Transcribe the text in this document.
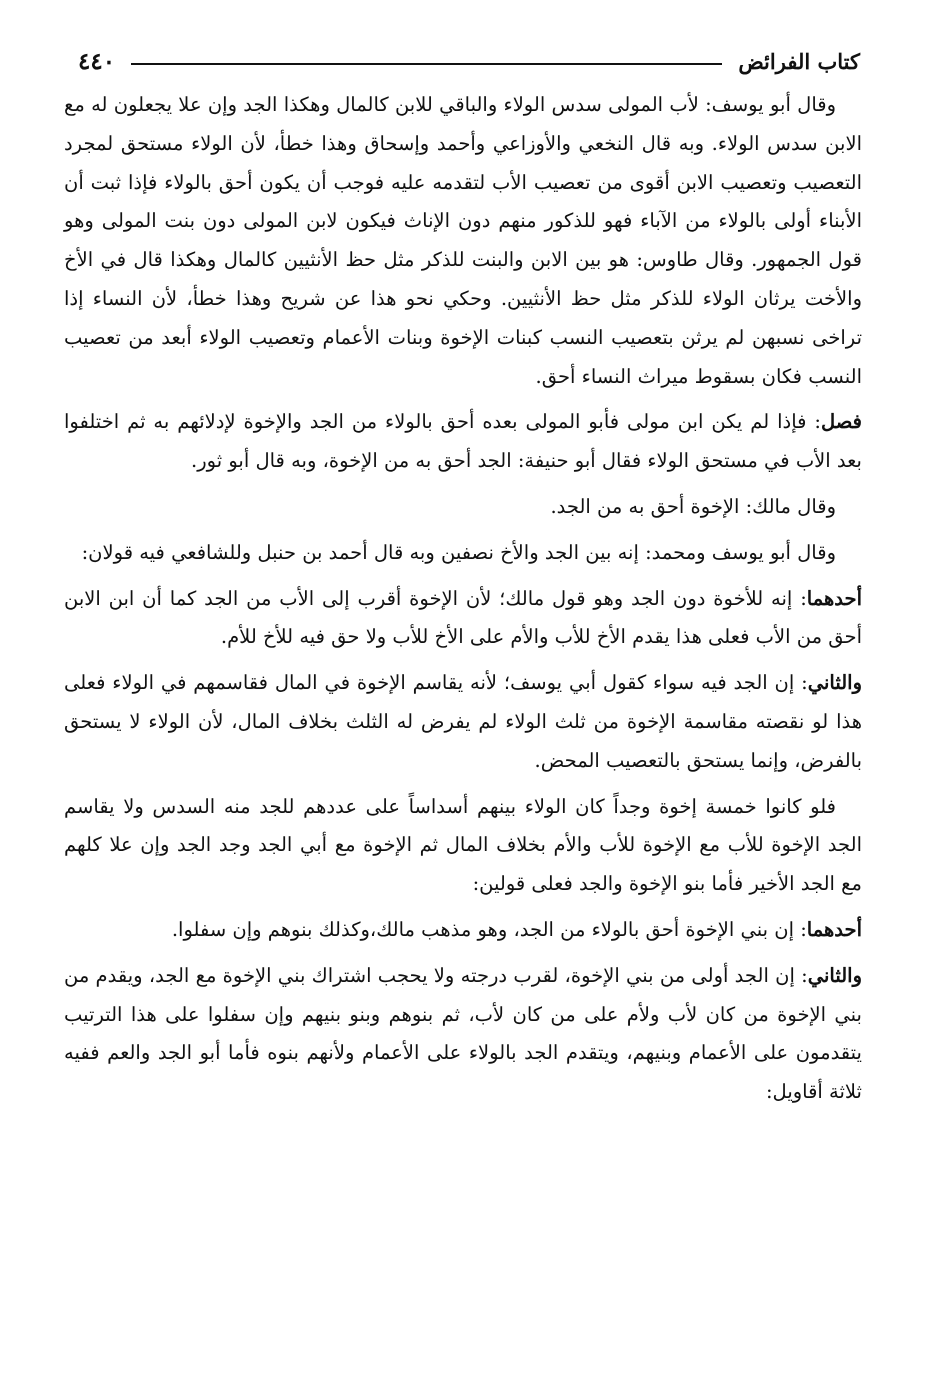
٤٤٠	كتاب الفرائض

وقال أبو يوسف: لأب المولى سدس الولاء والباقي للابن كالمال وهكذا الجد وإن علا يجعلون له مع الابن سدس الولاء. وبه قال النخعي والأوزاعي وأحمد وإسحاق وهذا خطأ، لأن الولاء مستحق لمجرد التعصيب وتعصيب الابن أقوى من تعصيب الأب لتقدمه عليه فوجب أن يكون أحق بالولاء فإذا ثبت أن الأبناء أولى بالولاء من الآباء فهو للذكور منهم دون الإناث فيكون لابن المولى دون بنت المولى وهو قول الجمهور. وقال طاوس: هو بين الابن والبنت للذكر مثل حظ الأنثيين كالمال وهكذا قال في الأخ والأخت يرثان الولاء للذكر مثل حظ الأنثيين. وحكي نحو هذا عن شريح وهذا خطأ، لأن النساء إذا تراخى نسبهن لم يرثن بتعصيب النسب كبنات الإخوة وبنات الأعمام وتعصيب الولاء أبعد من تعصيب النسب فكان بسقوط ميراث النساء أحق.

فصل: فإذا لم يكن ابن مولى فأبو المولى بعده أحق بالولاء من الجد والإخوة لإدلائهم به ثم اختلفوا بعد الأب في مستحق الولاء فقال أبو حنيفة: الجد أحق به من الإخوة، وبه قال أبو ثور.

وقال مالك: الإخوة أحق به من الجد.

وقال أبو يوسف ومحمد: إنه بين الجد والأخ نصفين وبه قال أحمد بن حنبل وللشافعي فيه قولان:

أحدهما: إنه للأخوة دون الجد وهو قول مالك؛ لأن الإخوة أقرب إلى الأب من الجد كما أن ابن الابن أحق من الأب فعلى هذا يقدم الأخ للأب والأم على الأخ للأب ولا حق فيه للأخ للأم.

والثاني: إن الجد فيه سواء كقول أبي يوسف؛ لأنه يقاسم الإخوة في المال فقاسمهم في الولاء فعلى هذا لو نقصته مقاسمة الإخوة من ثلث الولاء لم يفرض له الثلث بخلاف المال، لأن الولاء لا يستحق بالفرض، وإنما يستحق بالتعصيب المحض.

فلو كانوا خمسة إخوة وجداً كان الولاء بينهم أسداساً على عددهم للجد منه السدس ولا يقاسم الجد الإخوة للأب مع الإخوة للأب والأم بخلاف المال ثم الإخوة مع أبي الجد وجد الجد وإن علا كلهم مع الجد الأخير فأما بنو الإخوة والجد فعلى قولين:

أحدهما: إن بني الإخوة أحق بالولاء من الجد، وهو مذهب مالك،وكذلك بنوهم وإن سفلوا.

والثاني: إن الجد أولى من بني الإخوة، لقرب درجته ولا يحجب اشتراك بني الإخوة مع الجد، ويقدم من بني الإخوة من كان لأب ولأم على من كان لأب، ثم بنوهم وبنو بنيهم وإن سفلوا على هذا الترتيب يتقدمون على الأعمام وبنيهم، ويتقدم الجد بالولاء على الأعمام ولأنهم بنوه فأما أبو الجد والعم ففيه ثلاثة أقاويل:
